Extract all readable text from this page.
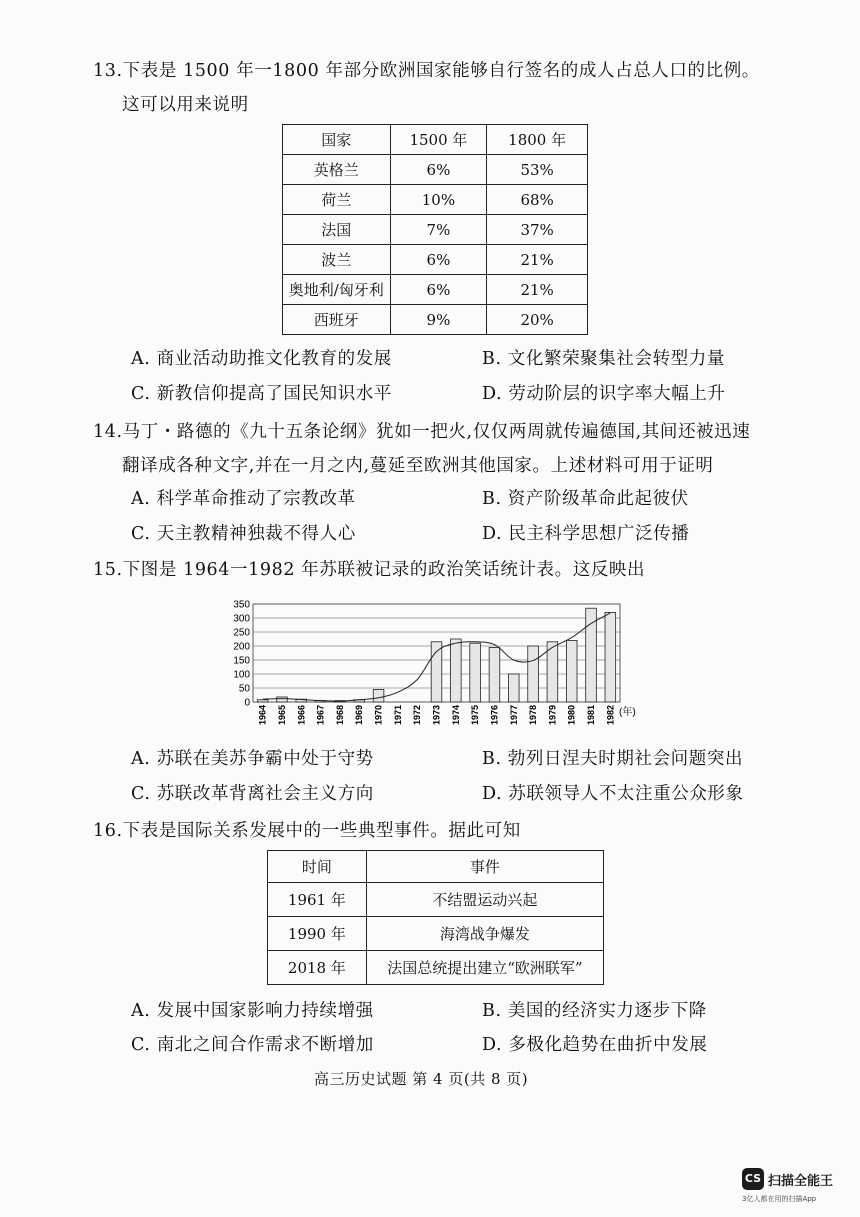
13.下表是 1500 年一1800 年部分欧洲国家能够自行签名的成人占总人口的比例。
这可以用来说明
国家	1500 年	1800 年
英格兰	6%	53%
荷兰	10%	68%
法国	7%	37%
波兰	6%	21%
奥地利/匈牙利	6%	21%
西班牙	9%	20%
A. 商业活动助推文化教育的发展	B. 文化繁荣聚集社会转型力量
C. 新教信仰提高了国民知识水平	D. 劳动阶层的识字率大幅上升
14.马丁・路德的《九十五条论纲》犹如一把火,仅仅两周就传遍德国,其间还被迅速
翻译成各种文字,并在一月之内,蔓延至欧洲其他国家。上述材料可用于证明
A. 科学革命推动了宗教改革	B. 资产阶级革命此起彼伏
C. 天主教精神独裁不得人心	D. 民主科学思想广泛传播
15.下图是 1964一1982 年苏联被记录的政治笑话统计表。这反映出
0
50
100
150
200
250
300
350
1964 1965 1966 1967 1968 1969 1970 1971 1972 1973 1974 1975 1976 1977 1978 1979 1980 1981 1982 (年)
A. 苏联在美苏争霸中处于守势	B. 勃列日涅夫时期社会问题突出
C. 苏联改革背离社会主义方向	D. 苏联领导人不太注重公众形象
16.下表是国际关系发展中的一些典型事件。据此可知
时间	事件
1961 年	不结盟运动兴起
1990 年	海湾战争爆发
2018 年	法国总统提出建立“欧洲联军”
A. 发展中国家影响力持续增强	B. 美国的经济实力逐步下降
C. 南北之间合作需求不断增加	D. 多极化趋势在曲折中发展
高三历史试题 第 4 页(共 8 页)
CS 扫描全能王
3亿人都在用的扫描App
